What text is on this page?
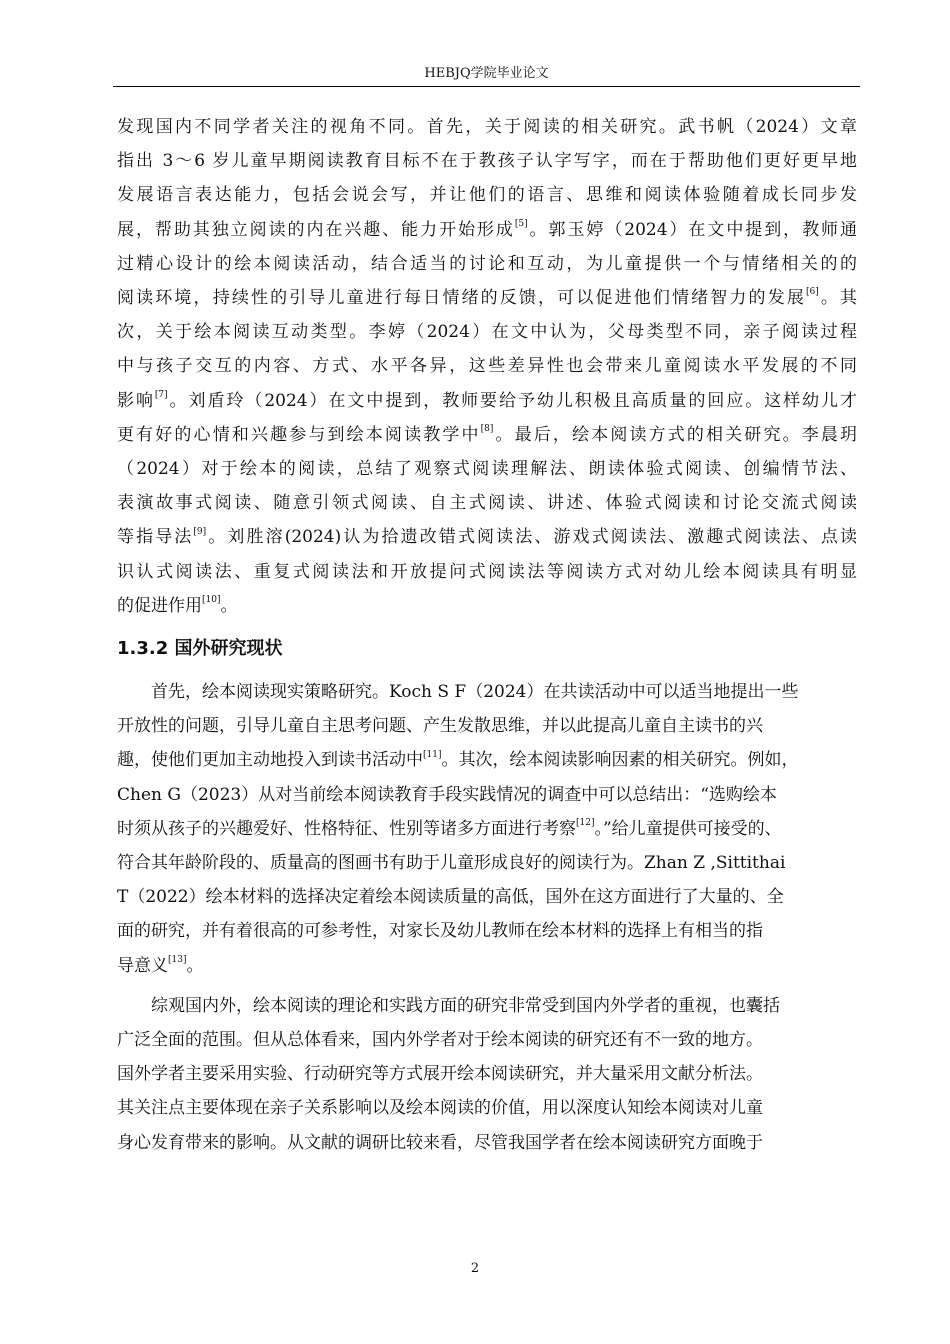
HEBJQ学院毕业论文
发现国内不同学者关注的视角不同。首先，关于阅读的相关研究。武书帆（2024）文章
指出 3～6 岁儿童早期阅读教育目标不在于教孩子认字写字，而在于帮助他们更好更早地
发展语言表达能力，包括会说会写，并让他们的语言、思维和阅读体验随着成长同步发
展，帮助其独立阅读的内在兴趣、能力开始形成[5]。郭玉婷（2024）在文中提到，教师通
过精心设计的绘本阅读活动，结合适当的讨论和互动，为儿童提供一个与情绪相关的的
阅读环境，持续性的引导儿童进行每日情绪的反馈，可以促进他们情绪智力的发展[6]。其
次，关于绘本阅读互动类型。李婷（2024）在文中认为，父母类型不同，亲子阅读过程
中与孩子交互的内容、方式、水平各异，这些差异性也会带来儿童阅读水平发展的不同
影响[7]。刘盾玲（2024）在文中提到，教师要给予幼儿积极且高质量的回应。这样幼儿才
更有好的心情和兴趣参与到绘本阅读教学中[8]。最后，绘本阅读方式的相关研究。李晨玥
（2024）对于绘本的阅读，总结了观察式阅读理解法、朗读体验式阅读、创编情节法、
表演故事式阅读、随意引领式阅读、自主式阅读、讲述、体验式阅读和讨论交流式阅读
等指导法[9]。刘胜溶(2024)认为拾遗改错式阅读法、游戏式阅读法、激趣式阅读法、点读
识认式阅读法、重复式阅读法和开放提问式阅读法等阅读方式对幼儿绘本阅读具有明显
的促进作用[10]。
1.3.2 国外研究现状
首先，绘本阅读现实策略研究。Koch S F（2024）在共读活动中可以适当地提出一些
开放性的问题，引导儿童自主思考问题、产生发散思维，并以此提高儿童自主读书的兴
趣，使他们更加主动地投入到读书活动中[11]。其次，绘本阅读影响因素的相关研究。例如，
Chen G（2023）从对当前绘本阅读教育手段实践情况的调查中可以总结出：“选购绘本
时须从孩子的兴趣爱好、性格特征、性别等诸多方面进行考察[12]。”给儿童提供可接受的、
符合其年龄阶段的、质量高的图画书有助于儿童形成良好的阅读行为。Zhan Z ,Sittithai
T（2022）绘本材料的选择决定着绘本阅读质量的高低，国外在这方面进行了大量的、全
面的研究，并有着很高的可参考性，对家长及幼儿教师在绘本材料的选择上有相当的指
导意义[13]。
综观国内外，绘本阅读的理论和实践方面的研究非常受到国内外学者的重视，也囊括
广泛全面的范围。但从总体看来，国内外学者对于绘本阅读的研究还有不一致的地方。
国外学者主要采用实验、行动研究等方式展开绘本阅读研究，并大量采用文献分析法。
其关注点主要体现在亲子关系影响以及绘本阅读的价值，用以深度认知绘本阅读对儿童
身心发育带来的影响。从文献的调研比较来看，尽管我国学者在绘本阅读研究方面晚于
2
